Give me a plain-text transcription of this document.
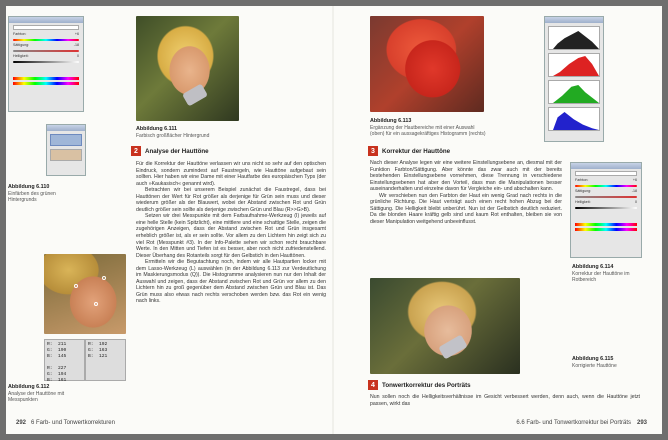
Farbton:	+6
Sättigung:	-18
Helligkeit:	0
Abbildung 6.110
Einfärben des grünen Hintergrunds
Abbildung 6.111
Farbisch großflächer Hintergrund
2	Analyse der Hauttöne

Für die Korrektur der Hauttöne verlassen wir uns nicht so sehr auf den optischen Eindruck, sondern zumindest auf Faustregeln, wie Hauttöne aufgebaut sein sollten. Hier haben wir eine Dame mit einer Hautfarbe des europäischen Typs (der auch »Kaukasisch« genannt wird).

Betrachten wir bei unserem Beispiel zunächst die Faustregel, dass bei Hauttönen der Wert für Rot größer als derjenige für Grün sein muss und dieser wiederum größer als der Blauwert, wobei der Abstand zwischen Rot und Grün deutlich größer sein sollte als derjenige zwischen Grün und Blau (R>>G>B).

Setzen wir drei Messpunkte mit dem Farbaufnahme-Werkzeug (I) jeweils auf eine helle Stelle (kein Spitzlicht), eine mittlere und eine schattige Stelle, zeigen die zugehörigen Anzeigen, dass der Abstand zwischen Rot und Grün insgesamt erheblich größer ist, als er sein sollte. Vor allem zu den Lichtern hin zeigt sich zu viel Rot (Messpunkt #3). In der Info-Palette sehen wir schon recht brauchbare Werte. In den Mitten und Tiefen ist es besser, aber noch nicht zufriedenstellend. Dieser Überhang des Rotanteils sorgt für den Gelbstich in den Hauttönen.

Ermitteln wir die Begutachtung noch, indem wir alle Hautpartien locker mit dem Lasso-Werkzeug (L) auswählen (in der Abbildung 6.113 zur Verdeutlichung im Maskierungsmodus (Q)). Die Histogramme analysieren nun nur den Inhalt der Auswahl und zeigen, dass der Abstand zwischen Rot und Grün vor allem zu den Lichtern hin zu groß gegenüber dem Abstand zwischen Grün und Blau ist. Das Grün muss also etwas nach rechts verschoben werden bzw. das Rot ein wenig nach links.

R:  211
G:  190
B:  145

R:  227
G:  194
B:  161
R:  192
G:  163
B:  121

Abbildung 6.112
Analyse der Hauttöne mit Messpunkten
292 6 Farb- und Tonwertkorrekturen
Abbildung 6.113
Ergänzung der Hautbereiche mit einer Auswahl (oben) für ein aussagekräftiges Histogramm (rechts)
3	Korrektur der Hauttöne

Nach dieser Analyse legen wir eine weitere Einstellungsebene an, diesmal mit der Funktion Farbton/Sättigung. Aber könnte das zwar auch mit der bereits bestehenden Einstellungsebene vornehmen, diese Trennung in verschiedene Einstellungsebenen hat aber den Vorteil, dass man die Manipulationen besser auseinanderhalten und einzelne davon für Vergleiche ein- und abschalten kann.

Wir verschieben nun den Farbton der Haut ein wenig Grad nach rechts in die grünliche Richtung. Die Haut verträgt auch einen recht hohen Abzug bei der Sättigung. Die Helligkeit bleibt unberührt. Nun ist der Gelbstich deutlich reduziert. Da die blonden Haare kräftig gelb sind und kaum Rot enthalten, bleiben sie von dieser Manipulation weitgehend unbeeinflusst.

Farbton:	+6
Sättigung:	-18
Helligkeit:	0
Abbildung 6.114
Korrektur der Hauttöne im Rotbereich
Abbildung 6.115
Korrigierte Hauttöne
4	Tonwertkorrektur des Porträts

Nun sollen noch die Helligkeitsverhältnisse im Gesicht verbessert werden, denn auch, wenn die Hauttöne jetzt passen, wirkt das

6.6 Farb- und Tonwertkorrektur bei Porträts 293
